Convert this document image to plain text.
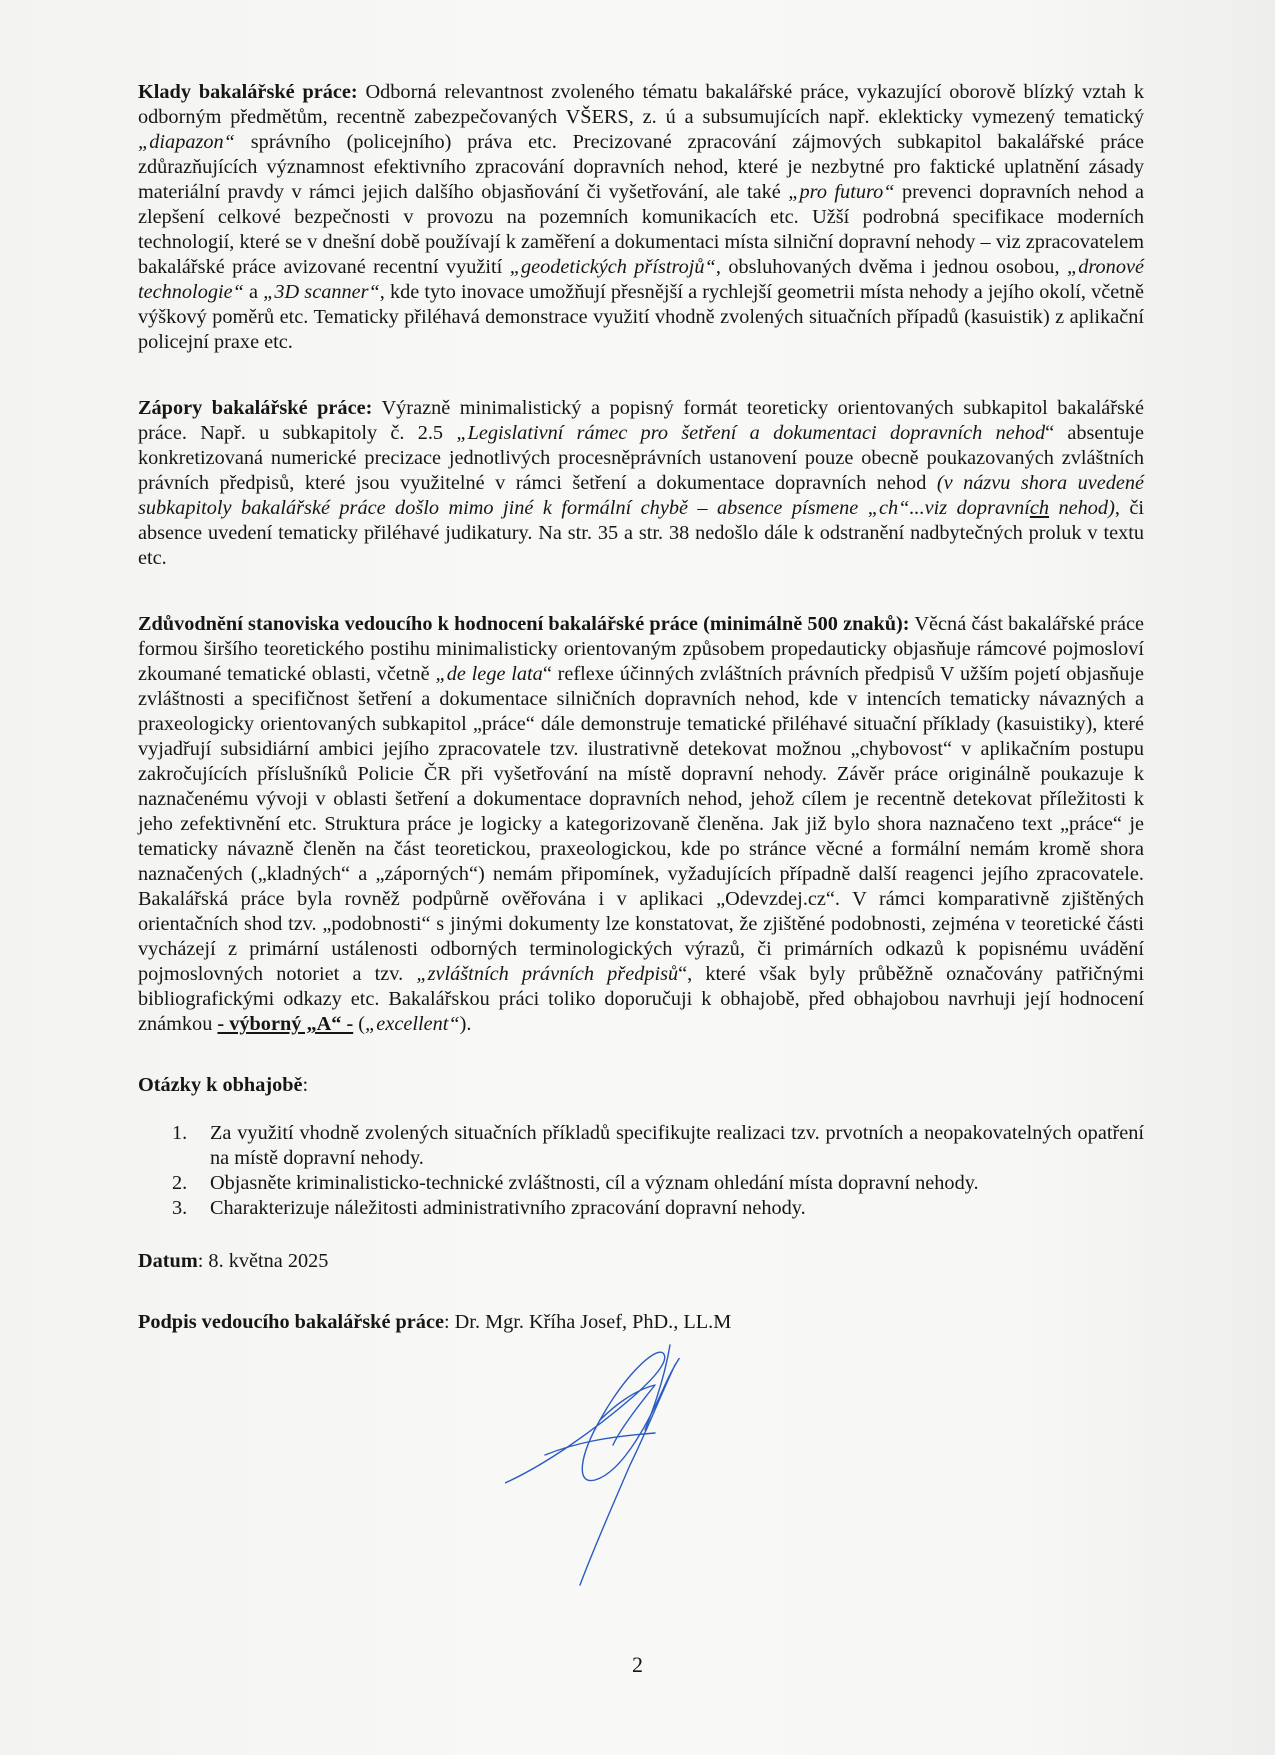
Klady bakalářské práce: Odborná relevantnost zvoleného tématu bakalářské práce, vykazující oborově blízký vztah k odborným předmětům, recentně zabezpečovaných VŠERS, z. ú a subsumujících např. eklekticky vymezený tematický „diapazon“ správního (policejního) práva etc. Precizované zpracování zájmových subkapitol bakalářské práce zdůrazňujících významnost efektivního zpracování dopravních nehod, které je nezbytné pro faktické uplatnění zásady materiální pravdy v rámci jejich dalšího objasňování či vyšetřování, ale také „pro futuro“ prevenci dopravních nehod a zlepšení celkové bezpečnosti v provozu na pozemních komunikacích etc. Užší podrobná specifikace moderních technologií, které se v dnešní době používají k zaměření a dokumentaci místa silniční dopravní nehody – viz zpracovatelem bakalářské práce avizované recentní využití „geodetických přístrojů“, obsluhovaných dvěma i jednou osobou, „dronové technologie“ a „3D scanner“, kde tyto inovace umožňují přesnější a rychlejší geometrii místa nehody a jejího okolí, včetně výškový poměrů etc. Tematicky přiléhavá demonstrace využití vhodně zvolených situačních případů (kasuistik) z aplikační policejní praxe etc.

Zápory bakalářské práce: Výrazně minimalistický a popisný formát teoreticky orientovaných subkapitol bakalářské práce. Např. u subkapitoly č. 2.5 „Legislativní rámec pro šetření a dokumentaci dopravních nehod“ absentuje konkretizovaná numerické precizace jednotlivých procesněprávních ustanovení pouze obecně poukazovaných zvláštních právních předpisů, které jsou využitelné v rámci šetření a dokumentace dopravních nehod (v názvu shora uvedené subkapitoly bakalářské práce došlo mimo jiné k formální chybě – absence písmene „ch“...viz dopravních nehod), či absence uvedení tematicky přiléhavé judikatury. Na str. 35 a str. 38 nedošlo dále k odstranění nadbytečných proluk v textu etc.

Zdůvodnění stanoviska vedoucího k hodnocení bakalářské práce (minimálně 500 znaků): Věcná část bakalářské práce formou širšího teoretického postihu minimalisticky orientovaným způsobem propedauticky objasňuje rámcové pojmosloví zkoumané tematické oblasti, včetně „de lege lata“ reflexe účinných zvláštních právních předpisů V užším pojetí objasňuje zvláštnosti a specifičnost šetření a dokumentace silničních dopravních nehod, kde v intencích tematicky návazných a praxeologicky orientovaných subkapitol „práce“ dále demonstruje tematické přiléhavé situační příklady (kasuistiky), které vyjadřují subsidiární ambici jejího zpracovatele tzv. ilustrativně detekovat možnou „chybovost“ v aplikačním postupu zakročujících příslušníků Policie ČR při vyšetřování na místě dopravní nehody. Závěr práce originálně poukazuje k naznačenému vývoji v oblasti šetření a dokumentace dopravních nehod, jehož cílem je recentně detekovat příležitosti k jeho zefektivnění etc. Struktura práce je logicky a kategorizovaně členěna. Jak již bylo shora naznačeno text „práce“ je tematicky návazně členěn na část teoretickou, praxeologickou, kde po stránce věcné a formální nemám kromě shora naznačených („kladných“ a „záporných“) nemám připomínek, vyžadujících případně další reagenci jejího zpracovatele. Bakalářská práce byla rovněž podpůrně ověřována i v aplikaci „Odevzdej.cz“. V rámci komparativně zjištěných orientačních shod tzv. „podobnosti“ s jinými dokumenty lze konstatovat, že zjištěné podobnosti, zejména v teoretické části vycházejí z primární ustálenosti odborných terminologických výrazů, či primárních odkazů k popisnému uvádění pojmoslovných notoriet a tzv. „zvláštních právních předpisů“, které však byly průběžně označovány patřičnými bibliografickými odkazy etc. Bakalářskou práci toliko doporučuji k obhajobě, před obhajobou navrhuji její hodnocení známkou - výborný „A“ - („excellent“).

Otázky k obhajobě:

1. Za využití vhodně zvolených situačních příkladů specifikujte realizaci tzv. prvotních a neopakovatelných opatření na místě dopravní nehody.
2. Objasněte kriminalisticko-technické zvláštnosti, cíl a význam ohledání místa dopravní nehody.
3. Charakterizuje náležitosti administrativního zpracování dopravní nehody.

Datum: 8. května 2025

Podpis vedoucího bakalářské práce: Dr. Mgr. Kříha Josef, PhD., LL.M

2
